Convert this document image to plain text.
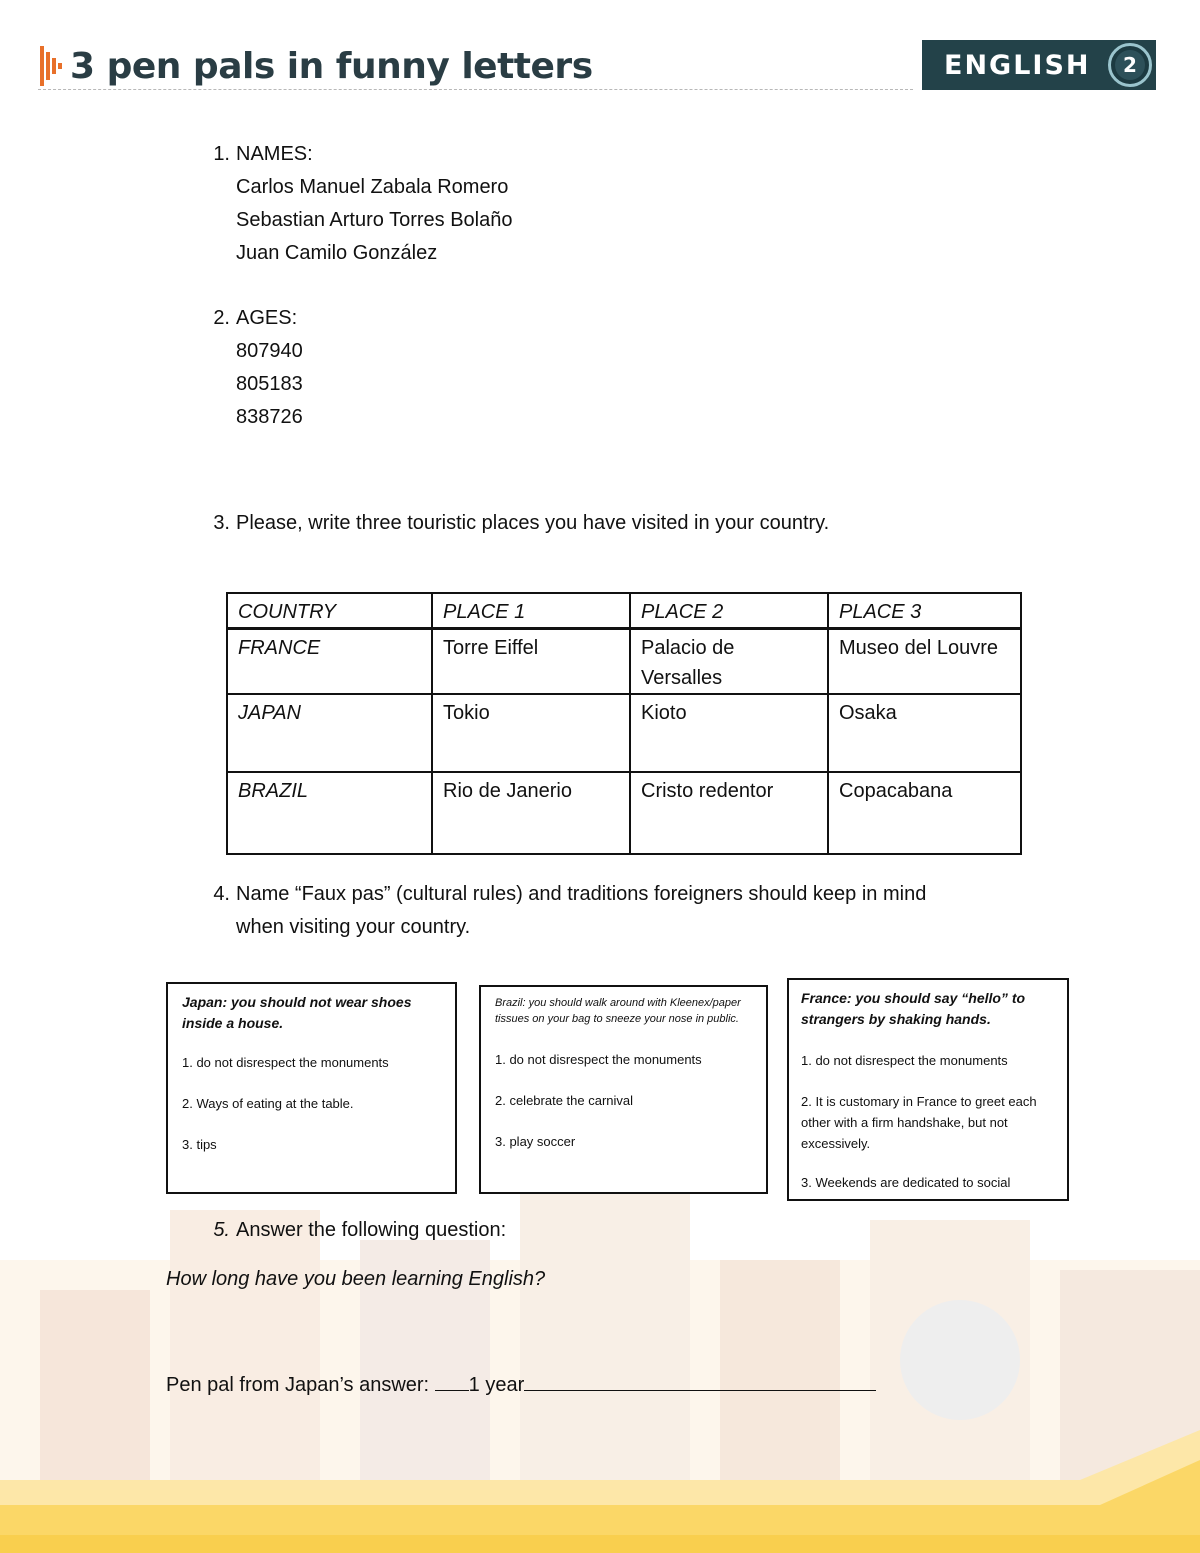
3 pen pals in funny letters	ENGLISH	2
1. NAMES:
Carlos Manuel Zabala Romero
Sebastian Arturo Torres Bolaño
Juan Camilo González
2. AGES:
807940
805183
838726
3. Please, write three touristic places you have visited in your country.
COUNTRY	PLACE 1	PLACE 2	PLACE 3
FRANCE	Torre Eiffel	Palacio de Versalles	Museo del Louvre
JAPAN	Tokio	Kioto	Osaka
BRAZIL	Rio de Janerio	Cristo redentor	Copacabana
4. Name “Faux pas” (cultural rules) and traditions foreigners should keep in mind
when visiting your country.
Japan: you should not wear shoes inside a house.
1. do not disrespect the monuments
2. Ways of eating at the table.
3. tips
Brazil: you should walk around with Kleenex/paper tissues on your bag to sneeze your nose in public.
1. do not disrespect the monuments
2. celebrate the carnival
3. play soccer
France: you should say “hello” to strangers by shaking hands.
1. do not disrespect the monuments
2. It is customary in France to greet each other with a firm handshake, but not excessively.
3. Weekends are dedicated to social
5. Answer the following question:
How long have you been learning English?
Pen pal from Japan’s answer: 1 year
